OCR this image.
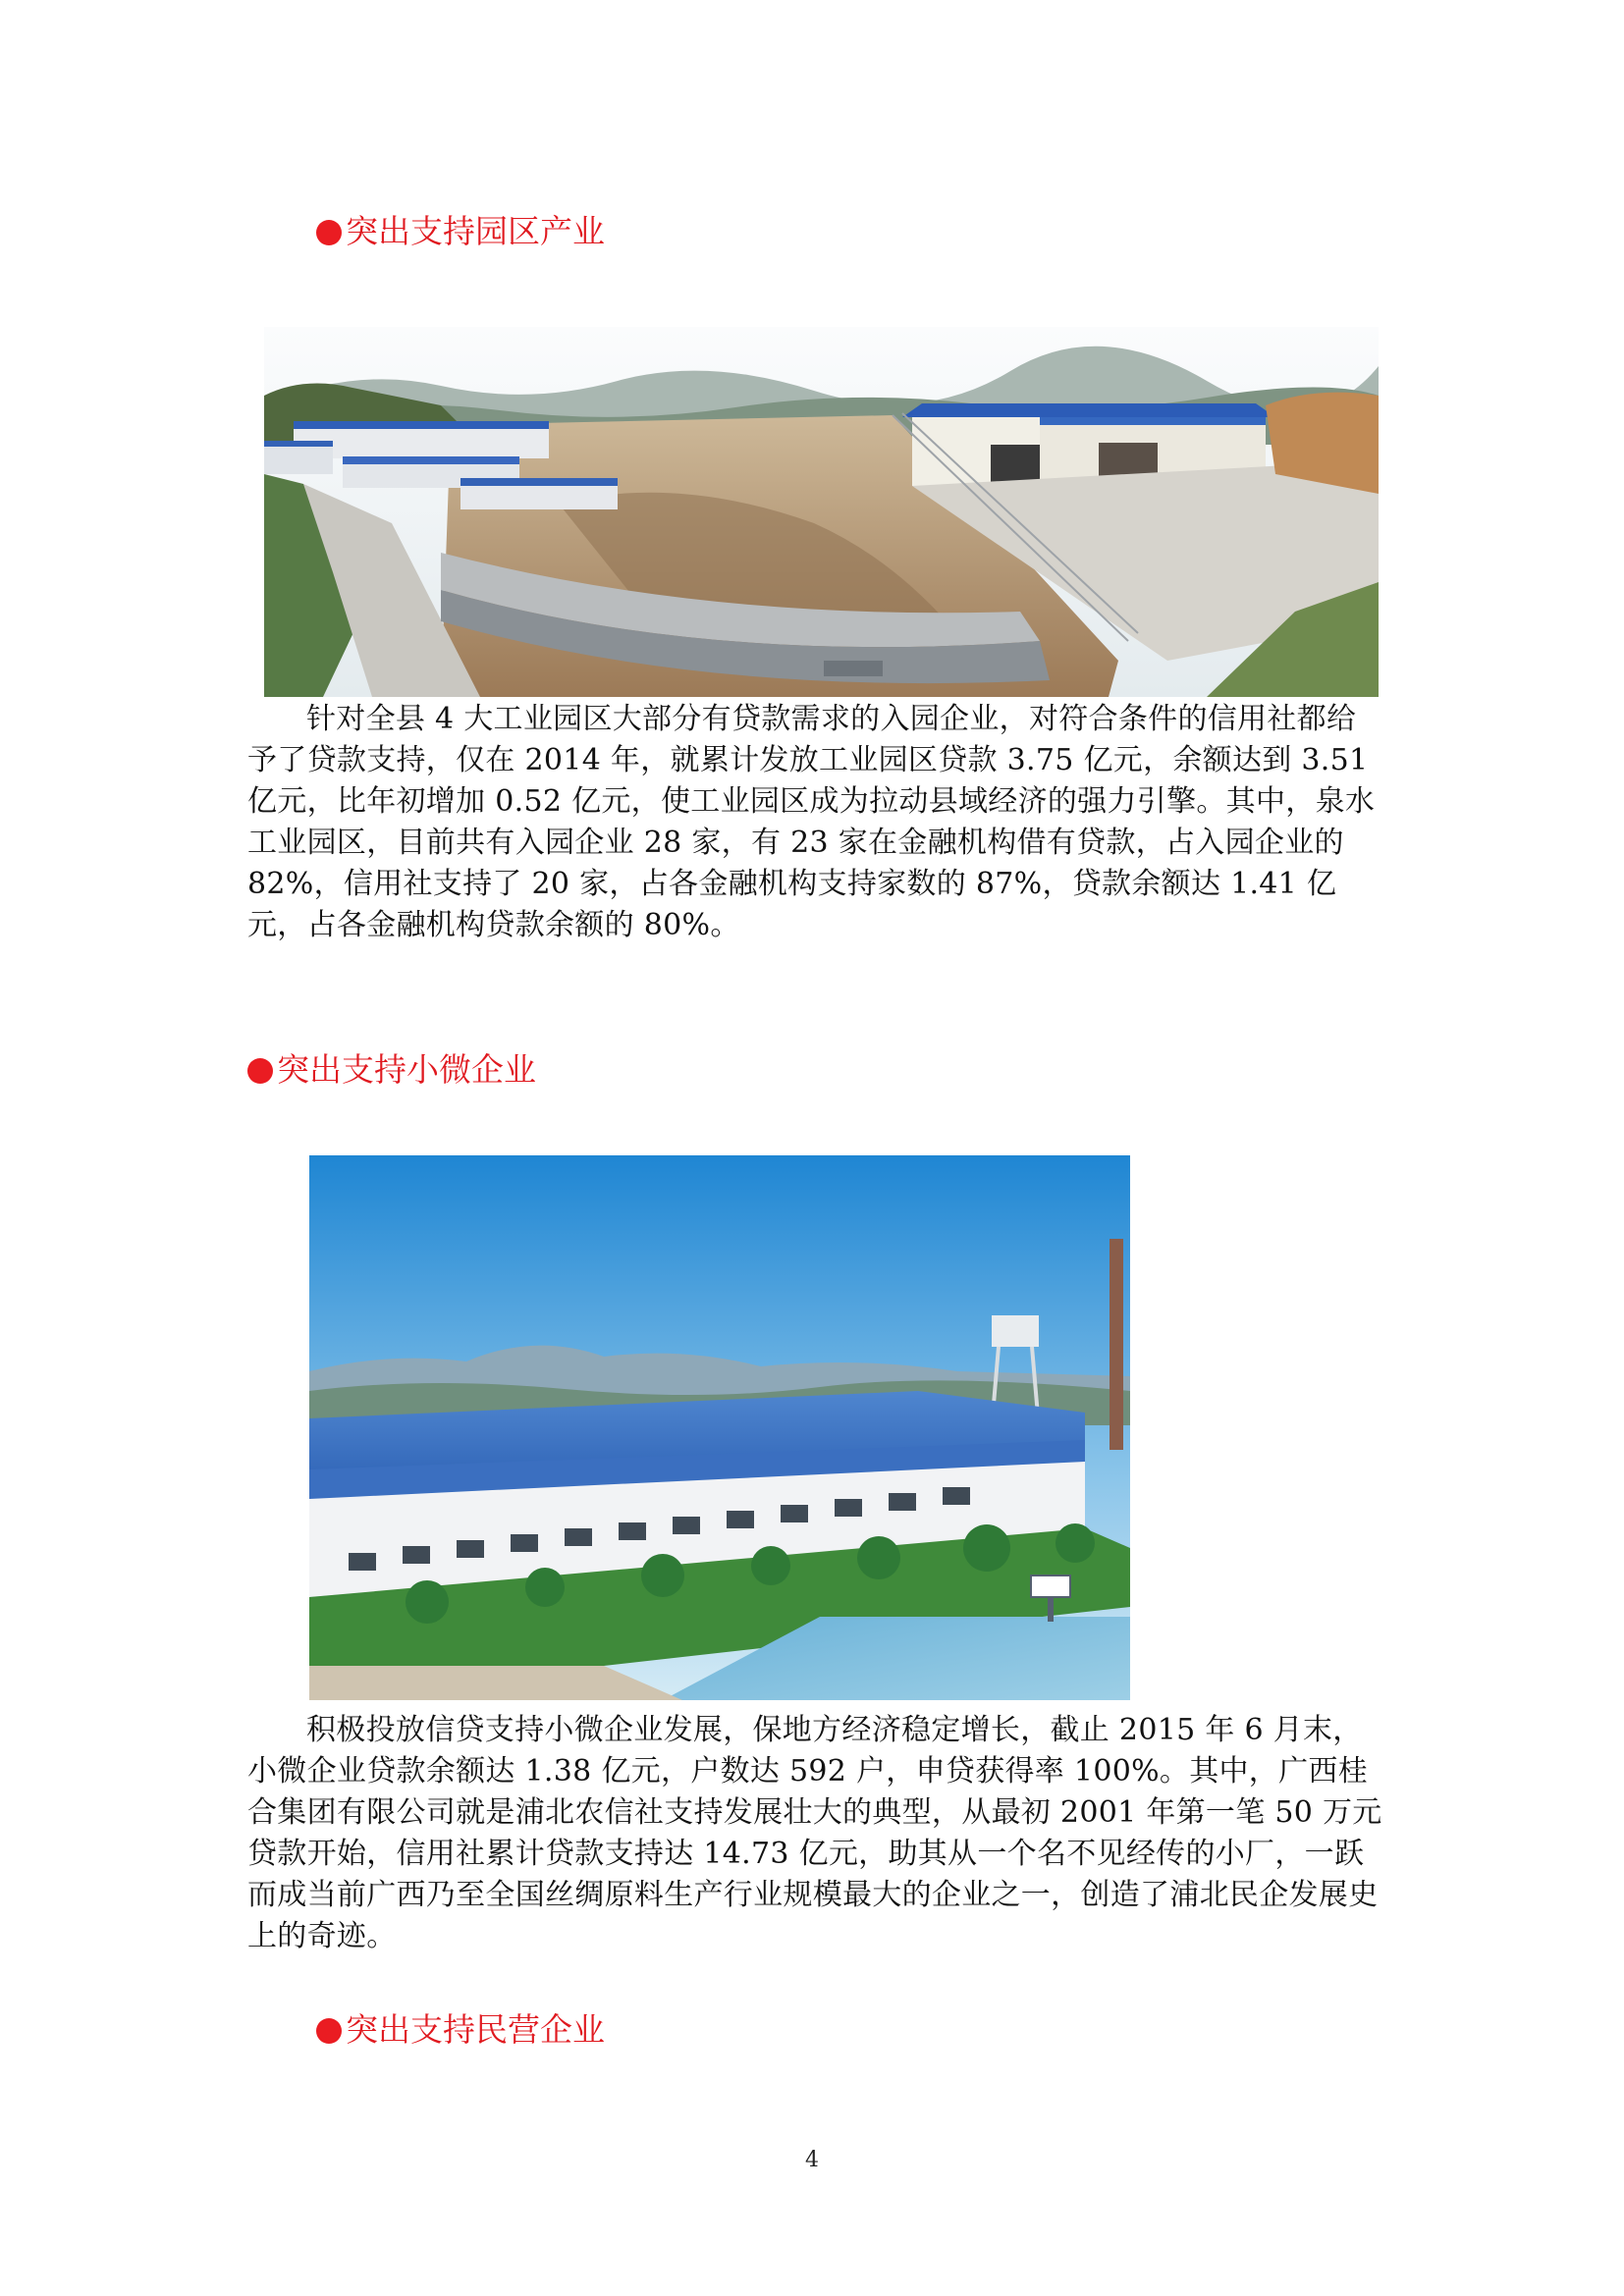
突出支持园区产业

针对全县 4 大工业园区大部分有贷款需求的入园企业，对符合条件的信用社都给予了贷款支持，仅在 2014 年，就累计发放工业园区贷款 3.75 亿元，余额达到 3.51 亿元，比年初增加 0.52 亿元，使工业园区成为拉动县域经济的强力引擎。其中，泉水工业园区，目前共有入园企业 28 家，有 23 家在金融机构借有贷款，占入园企业的 82%，信用社支持了 20 家，占各金融机构支持家数的 87%，贷款余额达 1.41 亿元，占各金融机构贷款余额的 80%。

突出支持小微企业

积极投放信贷支持小微企业发展，保地方经济稳定增长，截止 2015 年 6 月末，小微企业贷款余额达 1.38 亿元，户数达 592 户，申贷获得率 100%。其中，广西桂合集团有限公司就是浦北农信社支持发展壮大的典型，从最初 2001 年第一笔 50 万元贷款开始，信用社累计贷款支持达 14.73 亿元，助其从一个名不见经传的小厂，一跃而成当前广西乃至全国丝绸原料生产行业规模最大的企业之一，创造了浦北民企发展史上的奇迹。

突出支持民营企业
4
